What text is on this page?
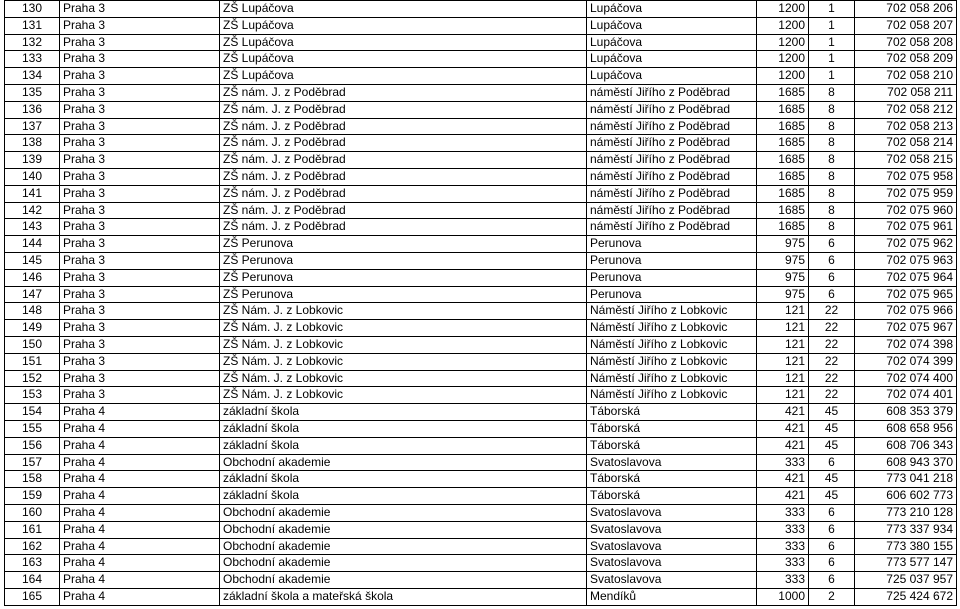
130	Praha 3	ZŠ Lupáčova	Lupáčova	1200	1	702 058 206
131	Praha 3	ZŠ Lupáčova	Lupáčova	1200	1	702 058 207
132	Praha 3	ZŠ Lupáčova	Lupáčova	1200	1	702 058 208
133	Praha 3	ZŠ Lupáčova	Lupáčova	1200	1	702 058 209
134	Praha 3	ZŠ Lupáčova	Lupáčova	1200	1	702 058 210
135	Praha 3	ZŠ nám. J. z Poděbrad	náměstí Jiřího z Poděbrad	1685	8	702 058 211
136	Praha 3	ZŠ nám. J. z Poděbrad	náměstí Jiřího z Poděbrad	1685	8	702 058 212
137	Praha 3	ZŠ nám. J. z Poděbrad	náměstí Jiřího z Poděbrad	1685	8	702 058 213
138	Praha 3	ZŠ nám. J. z Poděbrad	náměstí Jiřího z Poděbrad	1685	8	702 058 214
139	Praha 3	ZŠ nám. J. z Poděbrad	náměstí Jiřího z Poděbrad	1685	8	702 058 215
140	Praha 3	ZŠ nám. J. z Poděbrad	náměstí Jiřího z Poděbrad	1685	8	702 075 958
141	Praha 3	ZŠ nám. J. z Poděbrad	náměstí Jiřího z Poděbrad	1685	8	702 075 959
142	Praha 3	ZŠ nám. J. z Poděbrad	náměstí Jiřího z Poděbrad	1685	8	702 075 960
143	Praha 3	ZŠ nám. J. z Poděbrad	náměstí Jiřího z Poděbrad	1685	8	702 075 961
144	Praha 3	ZŠ Perunova	Perunova	975	6	702 075 962
145	Praha 3	ZŠ Perunova	Perunova	975	6	702 075 963
146	Praha 3	ZŠ Perunova	Perunova	975	6	702 075 964
147	Praha 3	ZŠ Perunova	Perunova	975	6	702 075 965
148	Praha 3	ZŠ Nám. J. z Lobkovic	Náměstí Jiřího z Lobkovic	121	22	702 075 966
149	Praha 3	ZŠ Nám. J. z Lobkovic	Náměstí Jiřího z Lobkovic	121	22	702 075 967
150	Praha 3	ZŠ Nám. J. z Lobkovic	Náměstí Jiřího z Lobkovic	121	22	702 074 398
151	Praha 3	ZŠ Nám. J. z Lobkovic	Náměstí Jiřího z Lobkovic	121	22	702 074 399
152	Praha 3	ZŠ Nám. J. z Lobkovic	Náměstí Jiřího z Lobkovic	121	22	702 074 400
153	Praha 3	ZŠ Nám. J. z Lobkovic	Náměstí Jiřího z Lobkovic	121	22	702 074 401
154	Praha 4	základní škola	Táborská	421	45	608 353 379
155	Praha 4	základní škola	Táborská	421	45	608 658 956
156	Praha 4	základní škola	Táborská	421	45	608 706 343
157	Praha 4	Obchodní akademie	Svatoslavova	333	6	608 943 370
158	Praha 4	základní škola	Táborská	421	45	773 041 218
159	Praha 4	základní škola	Táborská	421	45	606 602 773
160	Praha 4	Obchodní akademie	Svatoslavova	333	6	773 210 128
161	Praha 4	Obchodní akademie	Svatoslavova	333	6	773 337 934
162	Praha 4	Obchodní akademie	Svatoslavova	333	6	773 380 155
163	Praha 4	Obchodní akademie	Svatoslavova	333	6	773 577 147
164	Praha 4	Obchodní akademie	Svatoslavova	333	6	725 037 957
165	Praha 4	základní škola a mateřská škola	Mendíků	1000	2	725 424 672
